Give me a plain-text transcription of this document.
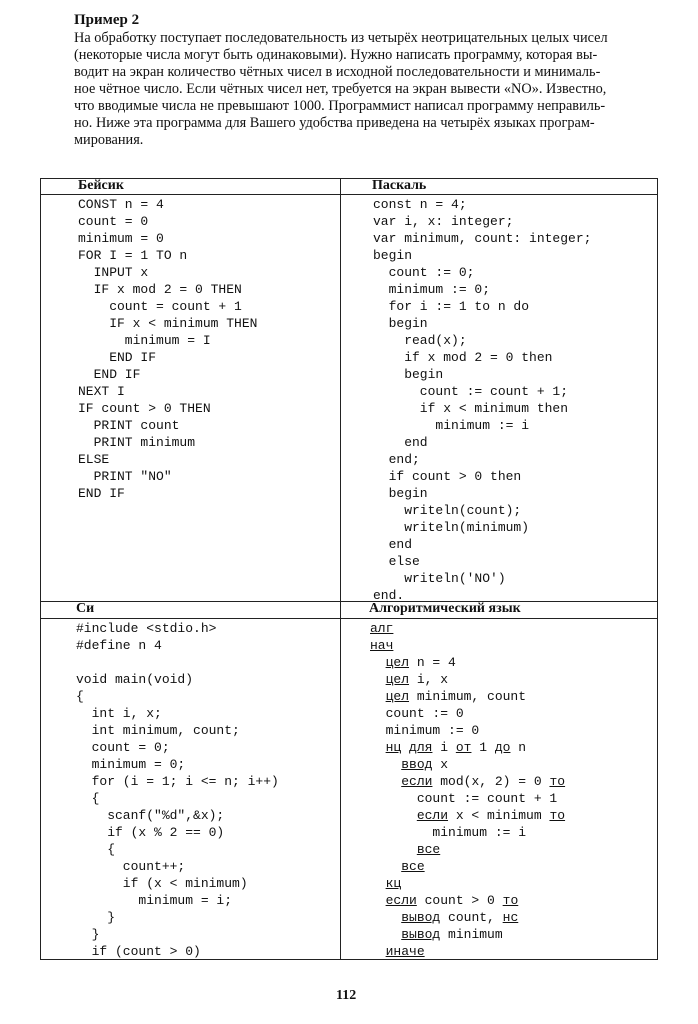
Пример 2
На обработку поступает последовательность из четырёх неотрицательных целых чисел
(некоторые числа могут быть одинаковыми). Нужно написать программу, которая вы-
водит на экран количество чётных чисел в исходной последовательности и минималь-
ное чётное число. Если чётных чисел нет, требуется на экран вывести «NO». Известно,
что вводимые числа не превышают 1000. Программист написал программу неправиль-
но. Ниже эта программа для Вашего удобства приведена на четырёх языках програм-
мирования.
Бейсик	Паскаль
Си	Алгоритмический язык
CONST n = 4
count = 0
minimum = 0
FOR I = 1 TO n
INPUT x
IF x mod 2 = 0 THEN
count = count + 1
IF x < minimum THEN
minimum = I
END IF
END IF
NEXT I
IF count > 0 THEN
PRINT count
PRINT minimum
ELSE
PRINT "NO"
END IF
const n = 4;
var i, x: integer;
var minimum, count: integer;
begin
count := 0;
minimum := 0;
for i := 1 to n do
begin
read(x);
if x mod 2 = 0 then
begin
count := count + 1;
if x < minimum then
minimum := i
end
end;
if count > 0 then
begin
writeln(count);
writeln(minimum)
end
else
writeln('NO')
end.
#include <stdio.h>
#define n 4
void main(void)
{
int i, x;
int minimum, count;
count = 0;
minimum = 0;
for (i = 1; i <= n; i++)
{
scanf("%d",&x);
if (x % 2 == 0)
{
count++;
if (x < minimum)
minimum = i;
}
}
if (count > 0)
алг
нач
цел n = 4
цел i, x
цел minimum, count
count := 0
minimum := 0
нц для i от 1 до n
ввод x
если mod(x, 2) = 0 то
count := count + 1
если x < minimum то
minimum := i
все
все
кц
если count > 0 то
вывод count, нс
вывод minimum
иначе
112
